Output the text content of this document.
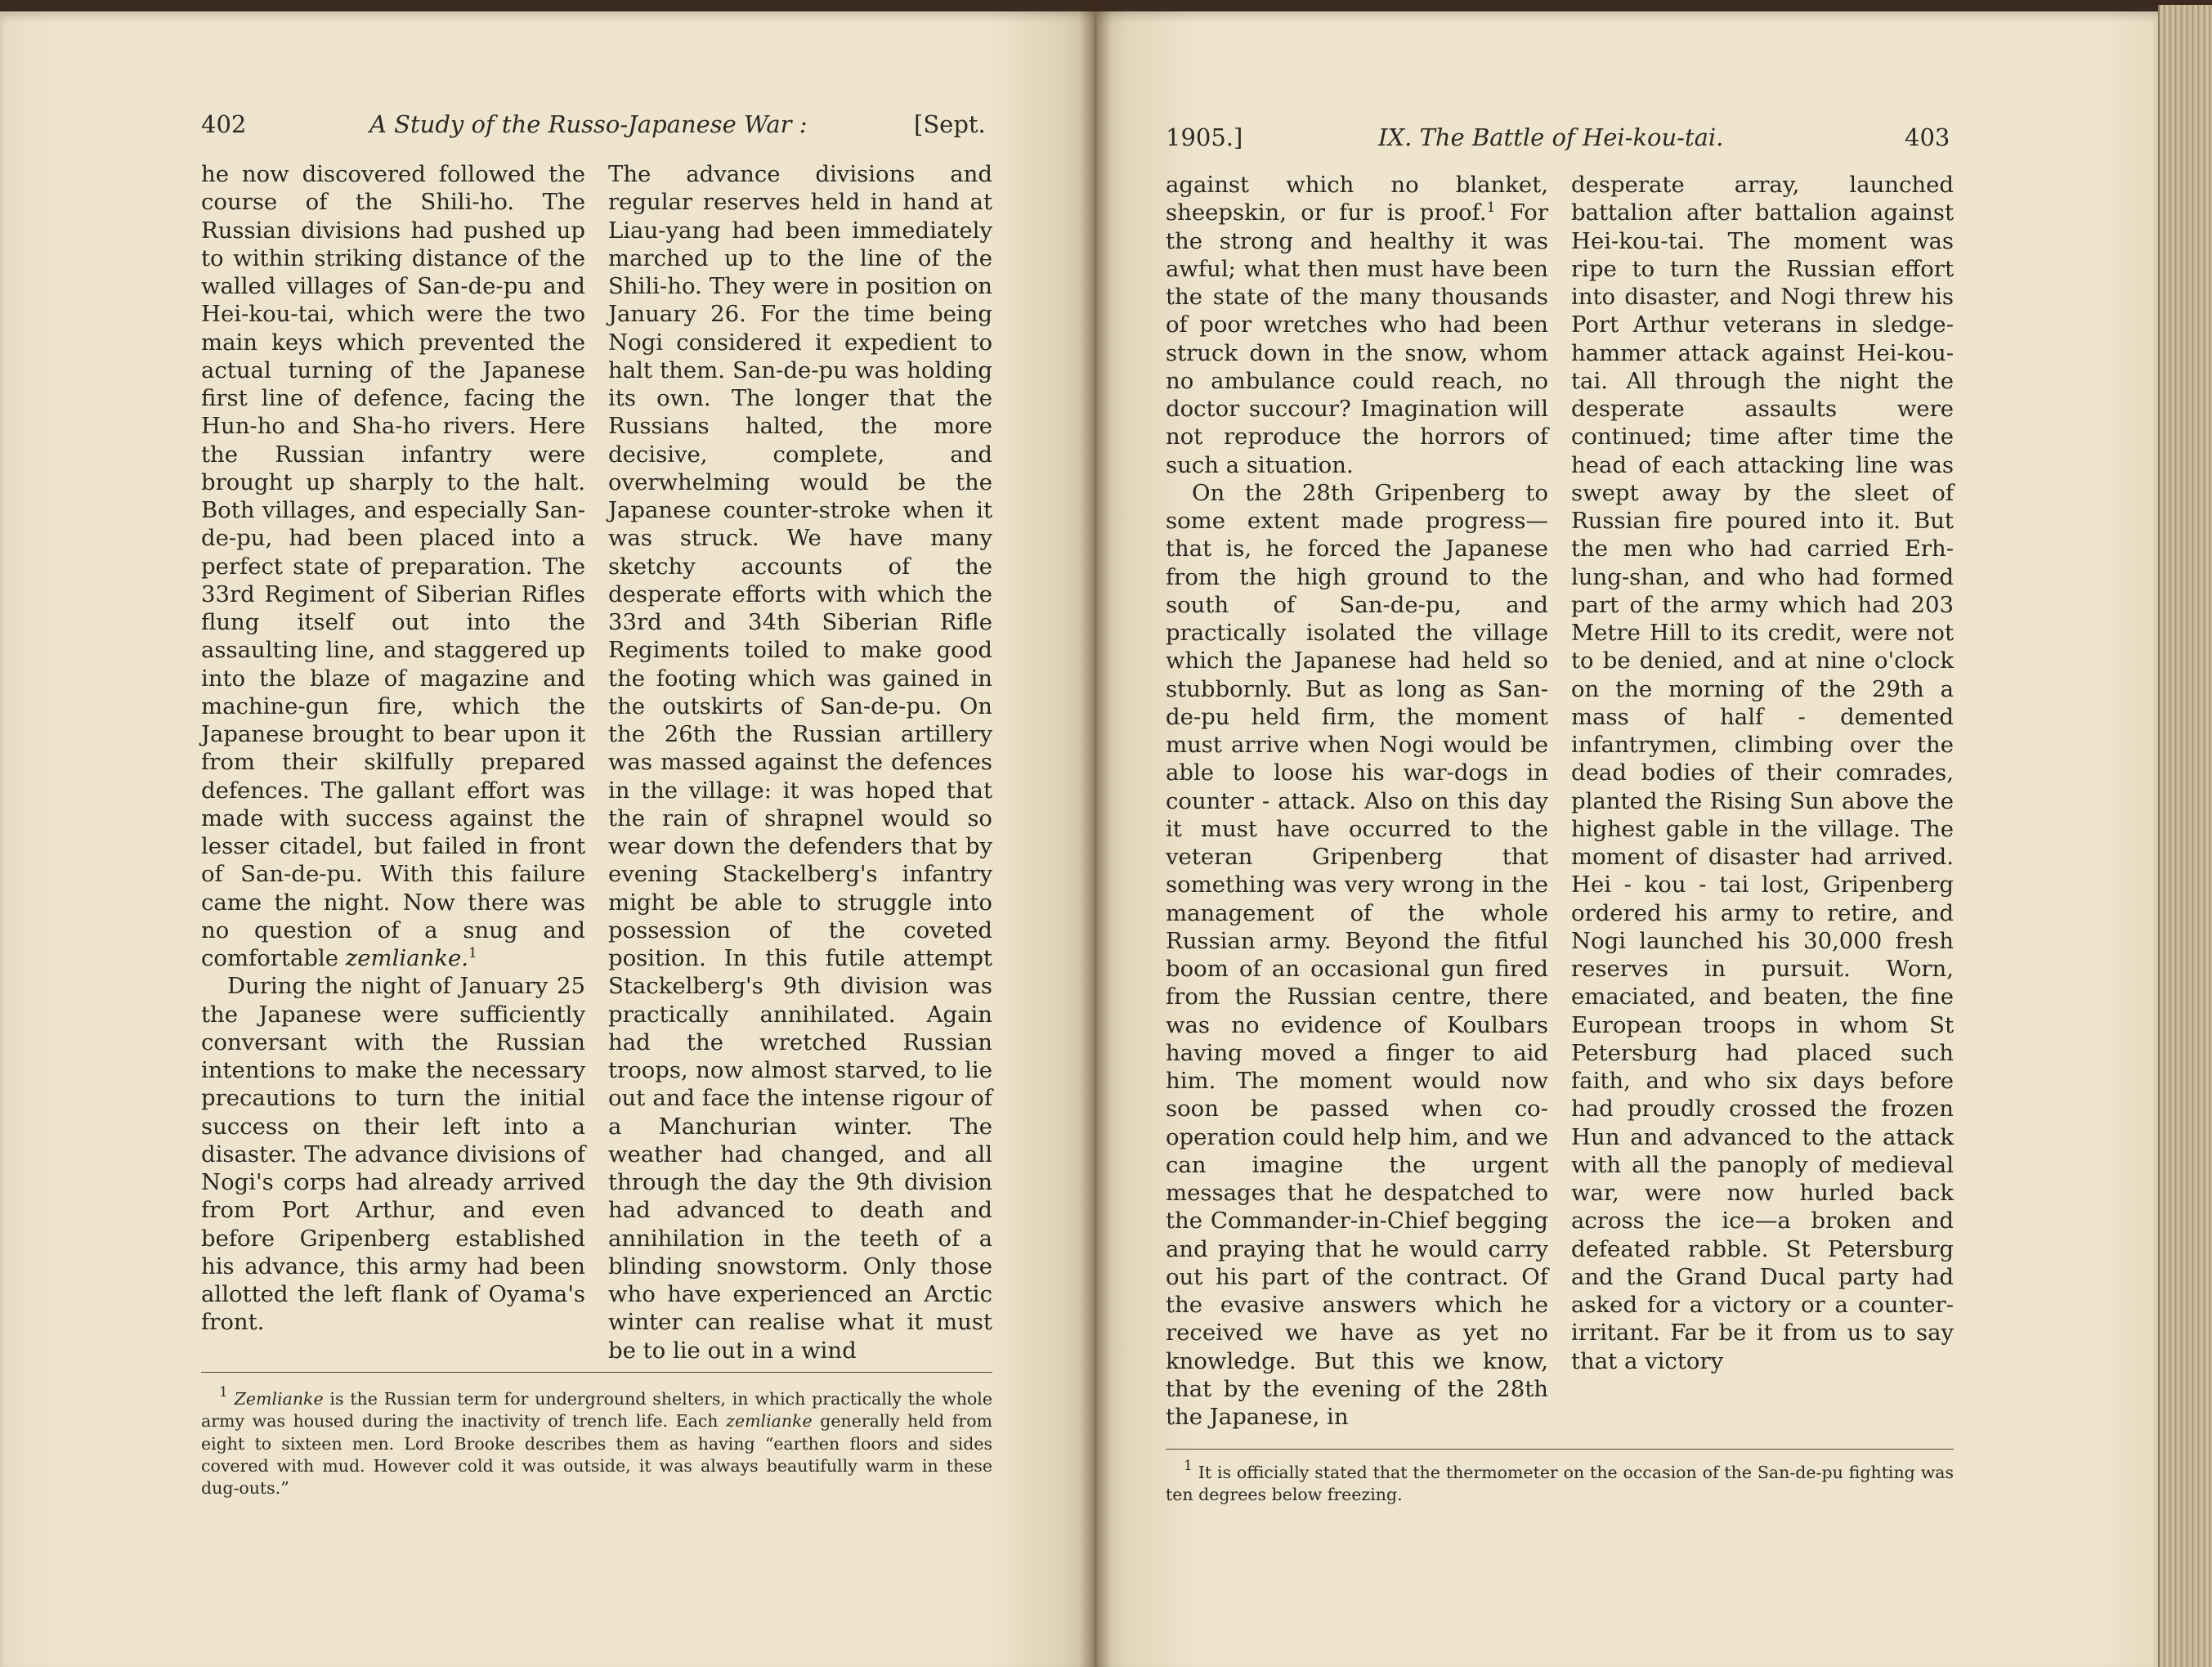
402	A Study of the Russo-Japanese War :	[Sept.

he now discovered followed the course of the Shili-ho. The Russian divisions had pushed up to within striking distance of the walled villages of San-de-pu and Hei-kou-tai, which were the two main keys which prevented the actual turning of the Japanese first line of defence, facing the Hun-ho and Sha-ho rivers. Here the Russian infantry were brought up sharply to the halt. Both villages, and especially San-de-pu, had been placed into a perfect state of preparation. The 33rd Regiment of Siberian Rifles flung itself out into the assaulting line, and staggered up into the blaze of magazine and machine-gun fire, which the Japanese brought to bear upon it from their skilfully prepared defences. The gallant effort was made with success against the lesser citadel, but failed in front of San-de-pu. With this failure came the night. Now there was no question of a snug and comfortable zemlianke.$^1$

During the night of January 25 the Japanese were sufficiently conversant with the Russian intentions to make the necessary precautions to turn the initial success on their left into a disaster. The advance divisions of Nogi's corps had already arrived from Port Arthur, and even before Gripenberg established his advance, this army had been allotted the left flank of Oyama's front.

The advance divisions and regular reserves held in hand at Liau-yang had been immediately marched up to the line of the Shili-ho. They were in position on January 26. For the time being Nogi considered it expedient to halt them. San-de-pu was holding its own. The longer that the Russians halted, the more decisive, complete, and overwhelming would be the Japanese counter-stroke when it was struck. We have many sketchy accounts of the desperate efforts with which the 33rd and 34th Siberian Rifle Regiments toiled to make good the footing which was gained in the outskirts of San-de-pu. On the 26th the Russian artillery was massed against the defences in the village: it was hoped that the rain of shrapnel would so wear down the defenders that by evening Stackelberg's infantry might be able to struggle into possession of the coveted position. In this futile attempt Stackelberg's 9th division was practically annihilated. Again had the wretched Russian troops, now almost starved, to lie out and face the intense rigour of a Manchurian winter. The weather had changed, and all through the day the 9th division had advanced to death and annihilation in the teeth of a blinding snowstorm. Only those who have experienced an Arctic winter can realise what it must be to lie out in a wind

$^1$ Zemlianke is the Russian term for underground shelters, in which practically the whole army was housed during the inactivity of trench life. Each zemlianke generally held from eight to sixteen men. Lord Brooke describes them as having “earthen floors and sides covered with mud. However cold it was outside, it was always beautifully warm in these dug-outs.”

1905.]	IX. The Battle of Hei-kou-tai.	403

against which no blanket, sheepskin, or fur is proof.$^1$ For the strong and healthy it was awful; what then must have been the state of the many thousands of poor wretches who had been struck down in the snow, whom no ambulance could reach, no doctor succour? Imagination will not reproduce the horrors of such a situation.

On the 28th Gripenberg to some extent made progress—that is, he forced the Japanese from the high ground to the south of San-de-pu, and practically isolated the village which the Japanese had held so stubbornly. But as long as San-de-pu held firm, the moment must arrive when Nogi would be able to loose his war-dogs in counter - attack. Also on this day it must have occurred to the veteran Gripenberg that something was very wrong in the management of the whole Russian army. Beyond the fitful boom of an occasional gun fired from the Russian centre, there was no evidence of Koulbars having moved a finger to aid him. The moment would now soon be passed when co-operation could help him, and we can imagine the urgent messages that he despatched to the Commander-in-Chief begging and praying that he would carry out his part of the contract. Of the evasive answers which he received we have as yet no knowledge. But this we know, that by the evening of the 28th the Japanese, in

desperate array, launched battalion after battalion against Hei-kou-tai. The moment was ripe to turn the Russian effort into disaster, and Nogi threw his Port Arthur veterans in sledge-hammer attack against Hei-kou-tai. All through the night the desperate assaults were continued; time after time the head of each attacking line was swept away by the sleet of Russian fire poured into it. But the men who had carried Erh-lung-shan, and who had formed part of the army which had 203 Metre Hill to its credit, were not to be denied, and at nine o'clock on the morning of the 29th a mass of half - demented infantrymen, climbing over the dead bodies of their comrades, planted the Rising Sun above the highest gable in the village. The moment of disaster had arrived. Hei - kou - tai lost, Gripenberg ordered his army to retire, and Nogi launched his 30,000 fresh reserves in pursuit. Worn, emaciated, and beaten, the fine European troops in whom St Petersburg had placed such faith, and who six days before had proudly crossed the frozen Hun and advanced to the attack with all the panoply of medieval war, were now hurled back across the ice—a broken and defeated rabble. St Petersburg and the Grand Ducal party had asked for a victory or a counter-irritant. Far be it from us to say that a victory

$^1$ It is officially stated that the thermometer on the occasion of the San-de-pu fighting was ten degrees below freezing.
